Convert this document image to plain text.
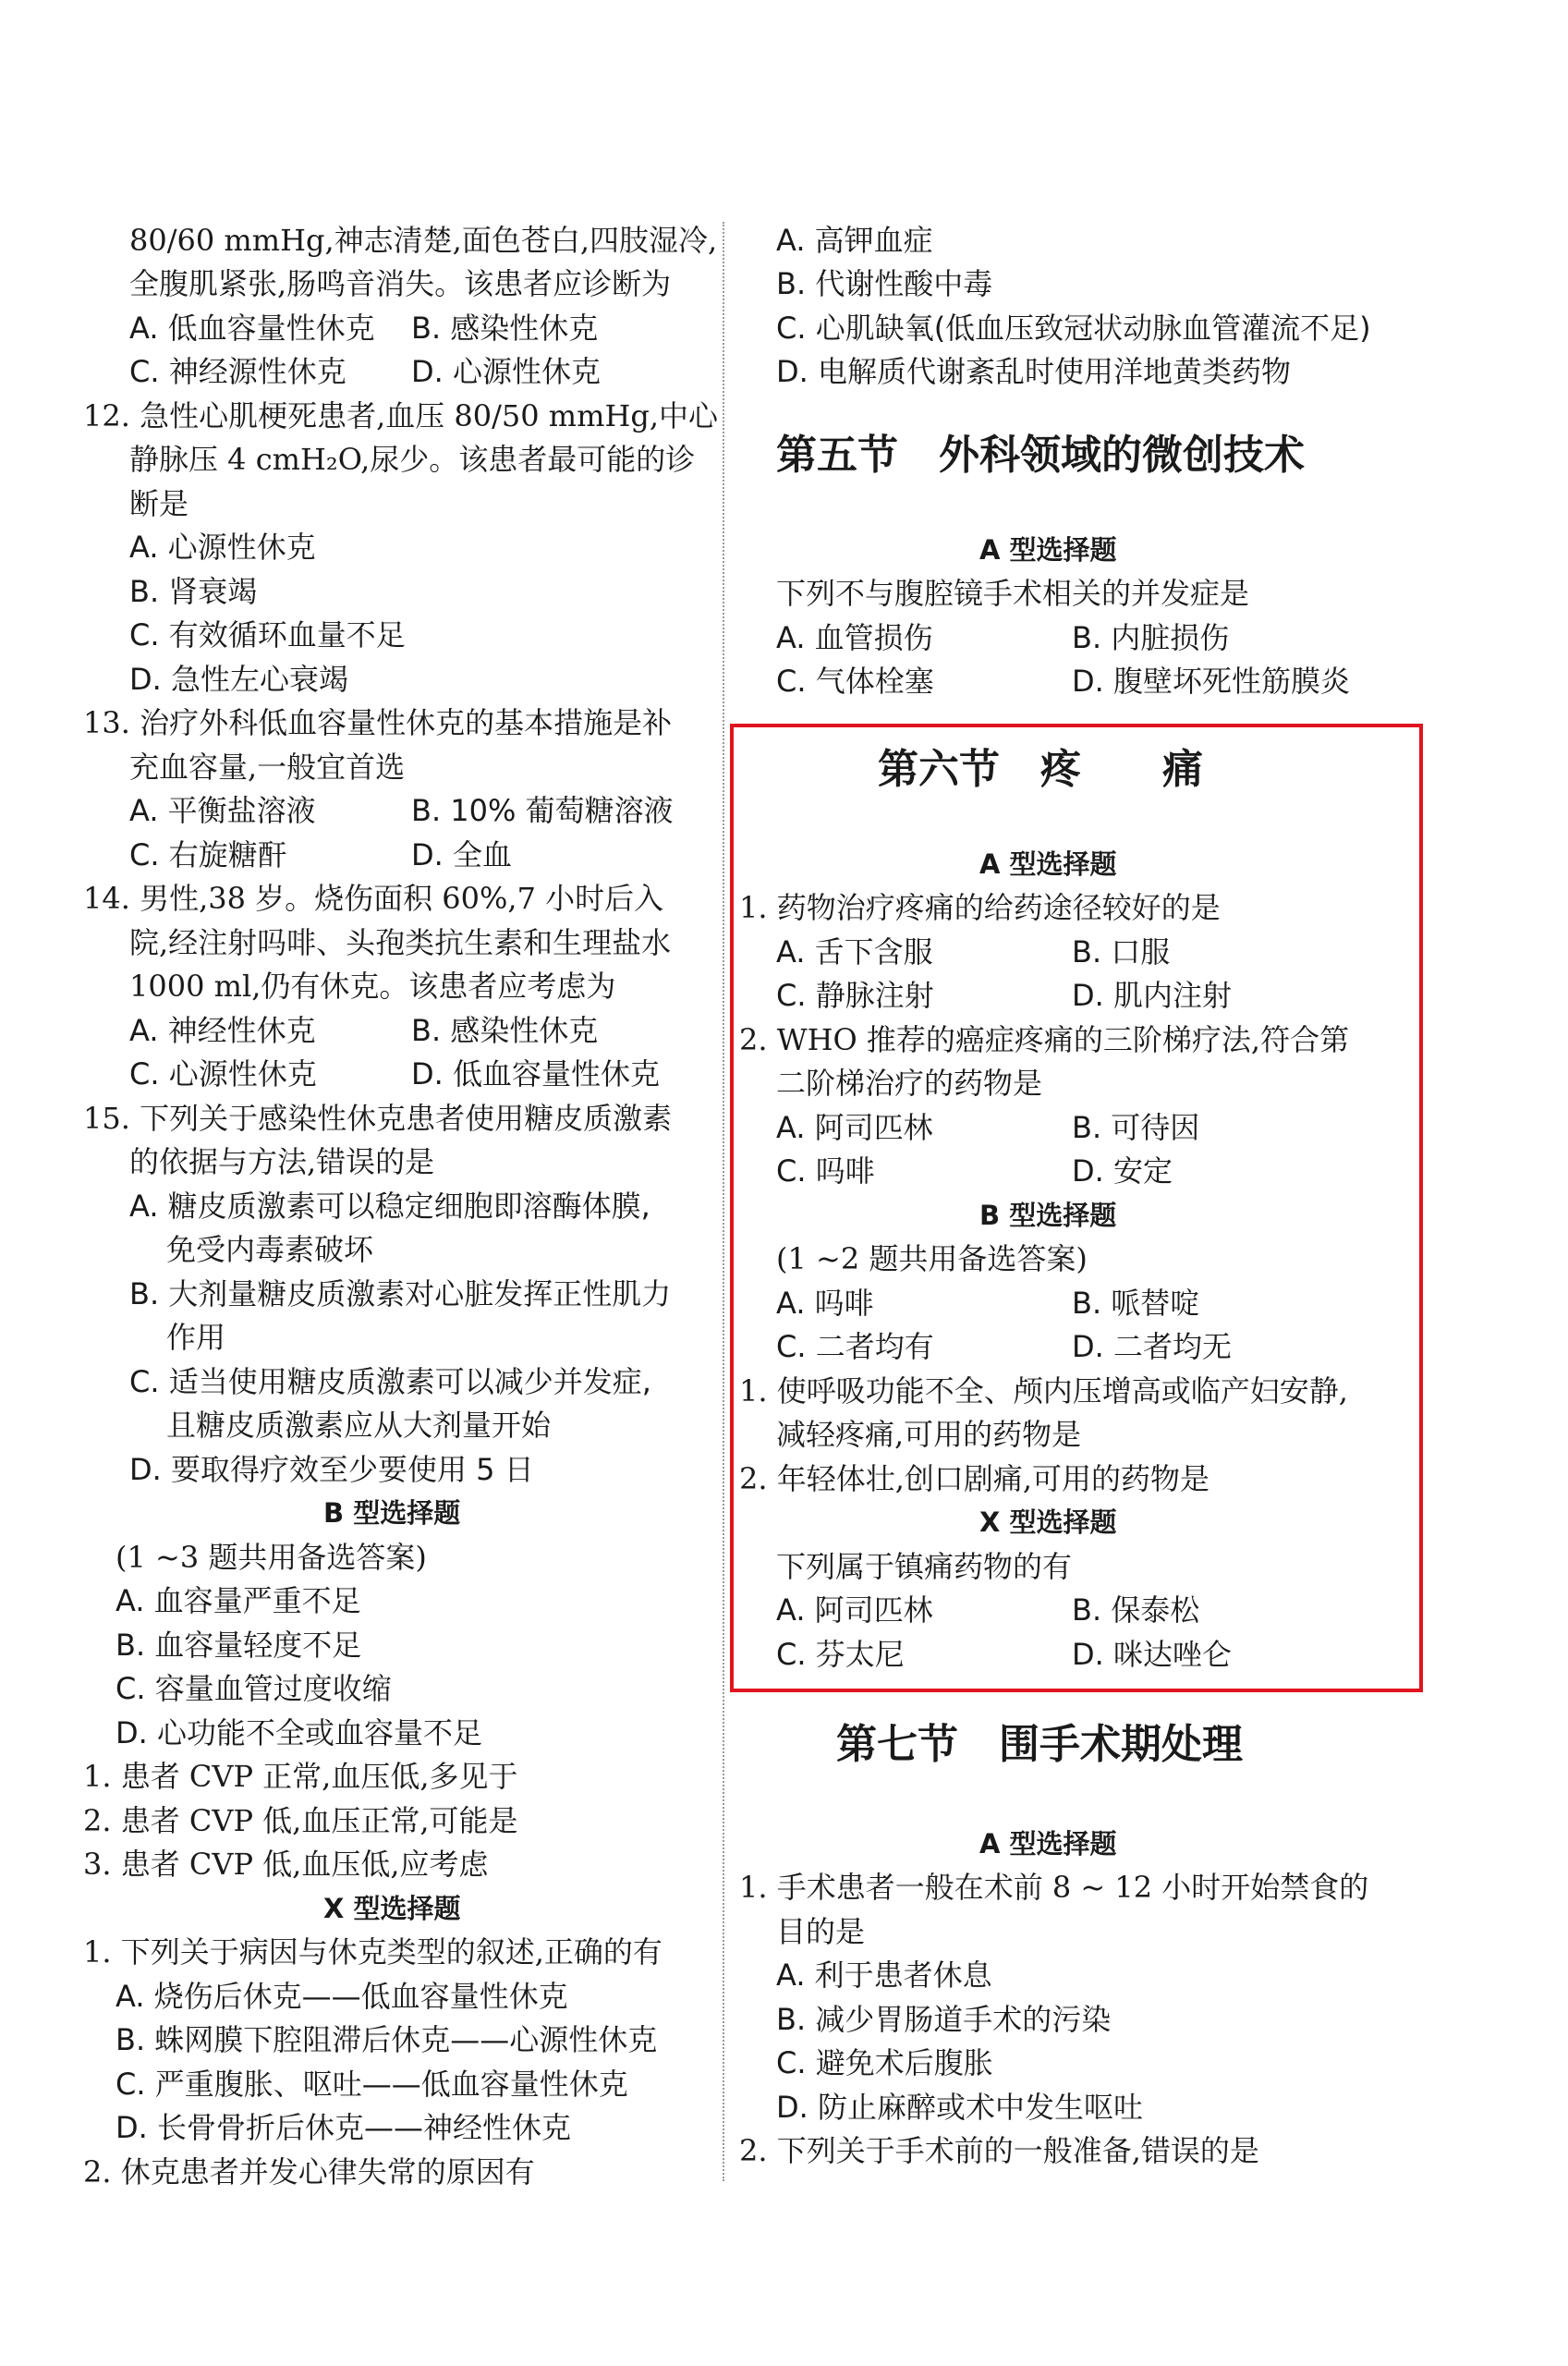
80/60 mmHg,神志清楚,面色苍白,四肢湿冷,
全腹肌紧张,肠鸣音消失。该患者应诊断为
A. 低血容量性休克 B. 感染性休克
C. 神经源性休克 D. 心源性休克
12. 急性心肌梗死患者,血压 80/50 mmHg,中心
静脉压 4 cmH₂O,尿少。该患者最可能的诊
断是
A. 心源性休克
B. 肾衰竭
C. 有效循环血量不足
D. 急性左心衰竭
13. 治疗外科低血容量性休克的基本措施是补
充血容量,一般宜首选
A. 平衡盐溶液	B. 10% 葡萄糖溶液
C. 右旋糖酐	D. 全血
14. 男性,38 岁。烧伤面积 60%,7 小时后入
院,经注射吗啡、头孢类抗生素和生理盐水
1000 ml,仍有休克。该患者应考虑为
A. 神经性休克	B. 感染性休克
C. 心源性休克	D. 低血容量性休克
15. 下列关于感染性休克患者使用糖皮质激素
的依据与方法,错误的是
A. 糖皮质激素可以稳定细胞即溶酶体膜,
免受内毒素破坏
B. 大剂量糖皮质激素对心脏发挥正性肌力
作用
C. 适当使用糖皮质激素可以减少并发症,
且糖皮质激素应从大剂量开始
D. 要取得疗效至少要使用 5 日
B 型选择题
(1 ~3 题共用备选答案)
A. 血容量严重不足
B. 血容量轻度不足
C. 容量血管过度收缩
D. 心功能不全或血容量不足
1. 患者 CVP 正常,血压低,多见于
2. 患者 CVP 低,血压正常,可能是
3. 患者 CVP 低,血压低,应考虑
X 型选择题
1. 下列关于病因与休克类型的叙述,正确的有
A. 烧伤后休克——低血容量性休克
B. 蛛网膜下腔阻滞后休克——心源性休克
C. 严重腹胀、呕吐——低血容量性休克
D. 长骨骨折后休克——神经性休克
2. 休克患者并发心律失常的原因有
A. 高钾血症
B. 代谢性酸中毒
C. 心肌缺氧(低血压致冠状动脉血管灌流不足)
D. 电解质代谢紊乱时使用洋地黄类药物
第五节　外科领域的微创技术
A 型选择题
下列不与腹腔镜手术相关的并发症是
A. 血管损伤	B. 内脏损伤
C. 气体栓塞	D. 腹壁坏死性筋膜炎
第六节　疼　　痛
A 型选择题
1. 药物治疗疼痛的给药途径较好的是
A. 舌下含服	B. 口服
C. 静脉注射	D. 肌内注射
2. WHO 推荐的癌症疼痛的三阶梯疗法,符合第
二阶梯治疗的药物是
A. 阿司匹林	B. 可待因
C. 吗啡	D. 安定
B 型选择题
(1 ~2 题共用备选答案)
A. 吗啡	B. 哌替啶
C. 二者均有	D. 二者均无
1. 使呼吸功能不全、颅内压增高或临产妇安静,
减轻疼痛,可用的药物是
2. 年轻体壮,创口剧痛,可用的药物是
X 型选择题
下列属于镇痛药物的有
A. 阿司匹林	B. 保泰松
C. 芬太尼	D. 咪达唑仑
第七节　围手术期处理
A 型选择题
1. 手术患者一般在术前 8 ~ 12 小时开始禁食的
目的是
A. 利于患者休息
B. 减少胃肠道手术的污染
C. 避免术后腹胀
D. 防止麻醉或术中发生呕吐
2. 下列关于手术前的一般准备,错误的是
